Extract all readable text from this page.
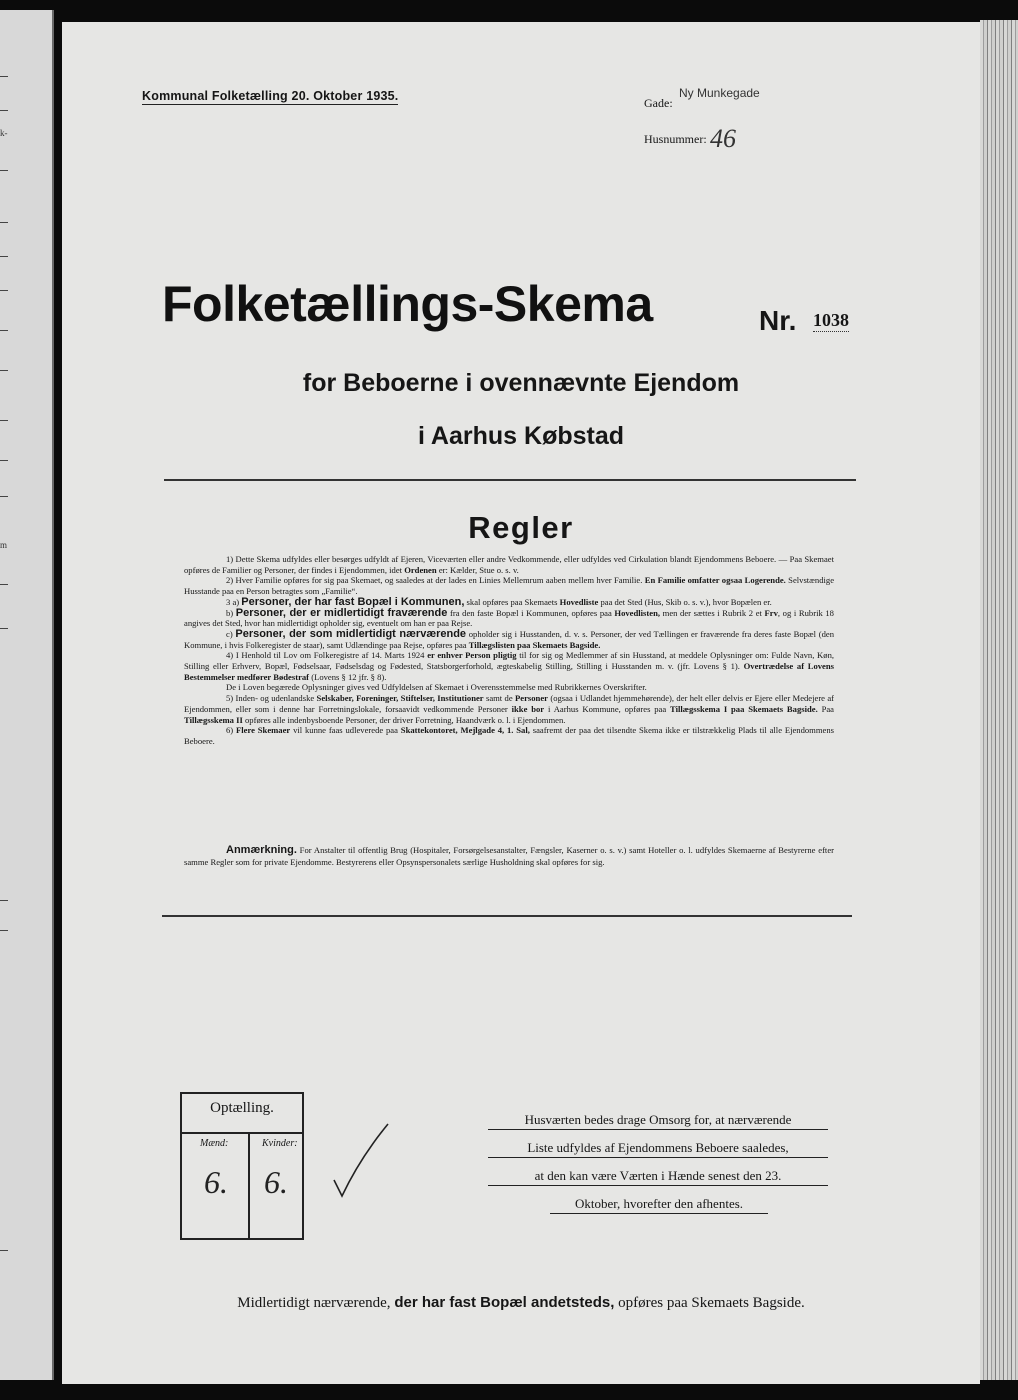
k-
m
Kommunal Folketælling 20. Oktober 1935.	Gade:
Ny Munkegade
Husnummer: 46
Folketællings-Skema	Nr. 1038
for Beboerne i ovennævnte Ejendom
i Aarhus Købstad
Regler

1) Dette Skema udfyldes eller besørges udfyldt af Ejeren, Viceværten eller andre Vedkommende, eller udfyldes ved Cirkulation blandt Ejendommens Beboere. — Paa Skemaet opføres de Familier og Personer, der findes i Ejendommen, idet Ordenen er: Kælder, Stue o. s. v.

2) Hver Familie opføres for sig paa Skemaet, og saaledes at der lades en Linies Mellemrum aaben mellem hver Familie. En Familie omfatter ogsaa Logerende. Selvstændige Husstande paa en Person betragtes som „Familie“.

3 a) Personer, der har fast Bopæl i Kommunen, skal opføres paa Skemaets Hovedliste paa det Sted (Hus, Skib o. s. v.), hvor Bopælen er.

b) Personer, der er midlertidigt fraværende fra den faste Bopæl i Kommunen, opføres paa Hovedlisten, men der sættes i Rubrik 2 et Frv, og i Rubrik 18 angives det Sted, hvor han midlertidigt opholder sig, eventuelt om han er paa Rejse.

c) Personer, der som midlertidigt nærværende opholder sig i Husstanden, d. v. s. Personer, der ved Tællingen er fraværende fra deres faste Bopæl (den Kommune, i hvis Folkeregister de staar), samt Udlændinge paa Rejse, opføres paa Tillægslisten paa Skemaets Bagside.

4) I Henhold til Lov om Folkeregistre af 14. Marts 1924 er enhver Person pligtig til for sig og Medlemmer af sin Husstand, at meddele Oplysninger om: Fulde Navn, Køn, Stilling eller Erhverv, Bopæl, Fødselsaar, Fødselsdag og Fødested, Statsborgerforhold, ægteskabelig Stilling, Stilling i Husstanden m. v. (jfr. Lovens § 1). Overtrædelse af Lovens Bestemmelser medfører Bødestraf (Lovens § 12 jfr. § 8).

De i Loven begærede Oplysninger gives ved Udfyldelsen af Skemaet i Overensstemmelse med Rubrikkernes Overskrifter.

5) Inden- og udenlandske Selskaber, Foreninger, Stiftelser, Institutioner samt de Personer (ogsaa i Udlandet hjemmehørende), der helt eller delvis er Ejere eller Medejere af Ejendommen, eller som i denne har Forretningslokale, forsaavidt vedkommende Personer ikke bor i Aarhus Kommune, opføres paa Tillægsskema I paa Skemaets Bagside. Paa Tillægsskema II opføres alle indenbysboende Personer, der driver Forretning, Haandværk o. l. i Ejendommen.

6) Flere Skemaer vil kunne faas udleverede paa Skattekontoret, Mejlgade 4, 1. Sal, saafremt der paa det tilsendte Skema ikke er tilstrækkelig Plads til alle Ejendommens Beboere.

Anmærkning. For Anstalter til offentlig Brug (Hospitaler, Forsørgelsesanstalter, Fængsler, Kaserner o. s. v.) samt Hoteller o. l. udfyldes Skemaerne af Bestyrerne efter samme Regler som for private Ejendomme. Bestyrerens eller Opsynspersonalets særlige Husholdning skal opføres for sig.

Optælling.
Mænd:	Kvinder:
6. 6.
Husværten bedes drage Omsorg for, at nærværende
Liste udfyldes af Ejendommens Beboere saaledes,
at den kan være Værten i Hænde senest den 23.
Oktober, hvorefter den afhentes.
Midlertidigt nærværende, der har fast Bopæl andetsteds, opføres paa Skemaets Bagside.
